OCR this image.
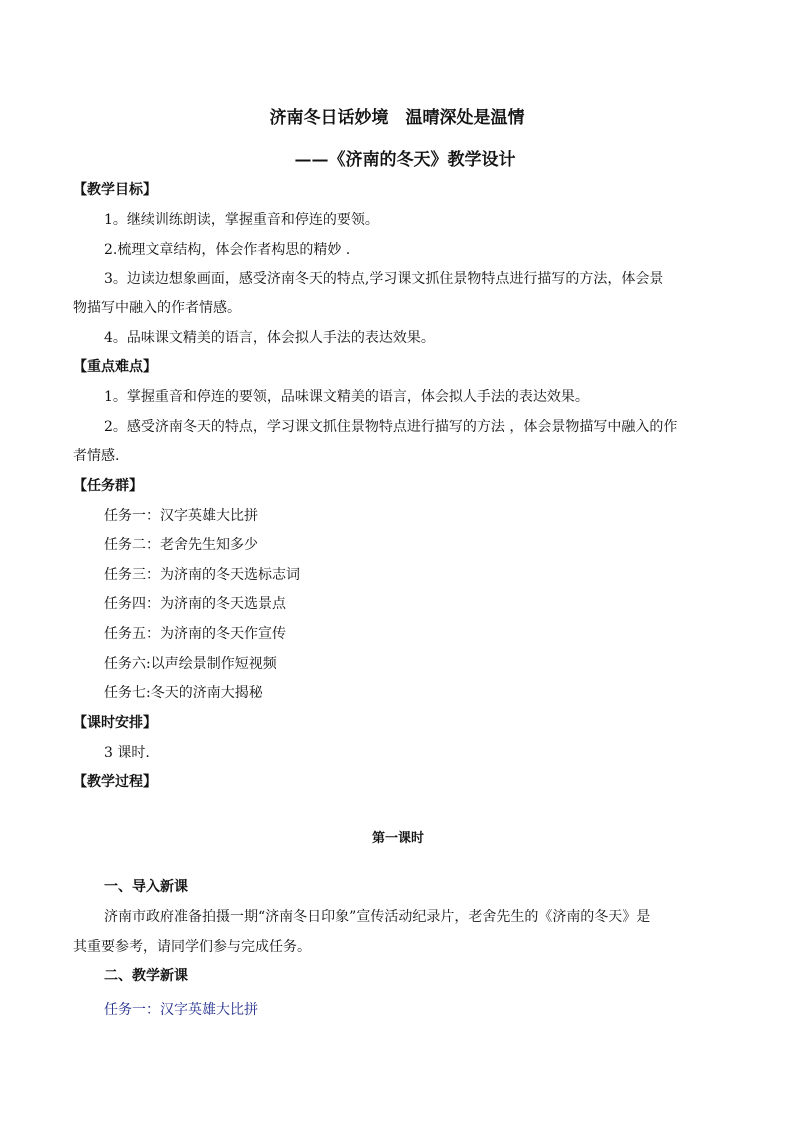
济南冬日话妙境　温晴深处是温情
——《济南的冬天》教学设计
【教学目标】
1。继续训练朗读，掌握重音和停连的要领。
2.梳理文章结构，体会作者构思的精妙 .
3。边读边想象画面，感受济南冬天的特点,学习课文抓住景物特点进行描写的方法，体会景
物描写中融入的作者情感。
4。品味课文精美的语言，体会拟人手法的表达效果。
【重点难点】
1。掌握重音和停连的要领，品味课文精美的语言，体会拟人手法的表达效果。
2。感受济南冬天的特点，学习课文抓住景物特点进行描写的方法 ，体会景物描写中融入的作
者情感.
【任务群】
任务一：汉字英雄大比拼
任务二：老舍先生知多少
任务三：为济南的冬天选标志词
任务四：为济南的冬天选景点
任务五：为济南的冬天作宣传
任务六:以声绘景制作短视频
任务七:冬天的济南大揭秘
【课时安排】
3 课时.
【教学过程】
第一课时
一、导入新课
济南市政府准备拍摄一期“济南冬日印象”宣传活动纪录片，老舍先生的《济南的冬天》是
其重要参考，请同学们参与完成任务。
二、教学新课
任务一：汉字英雄大比拼
